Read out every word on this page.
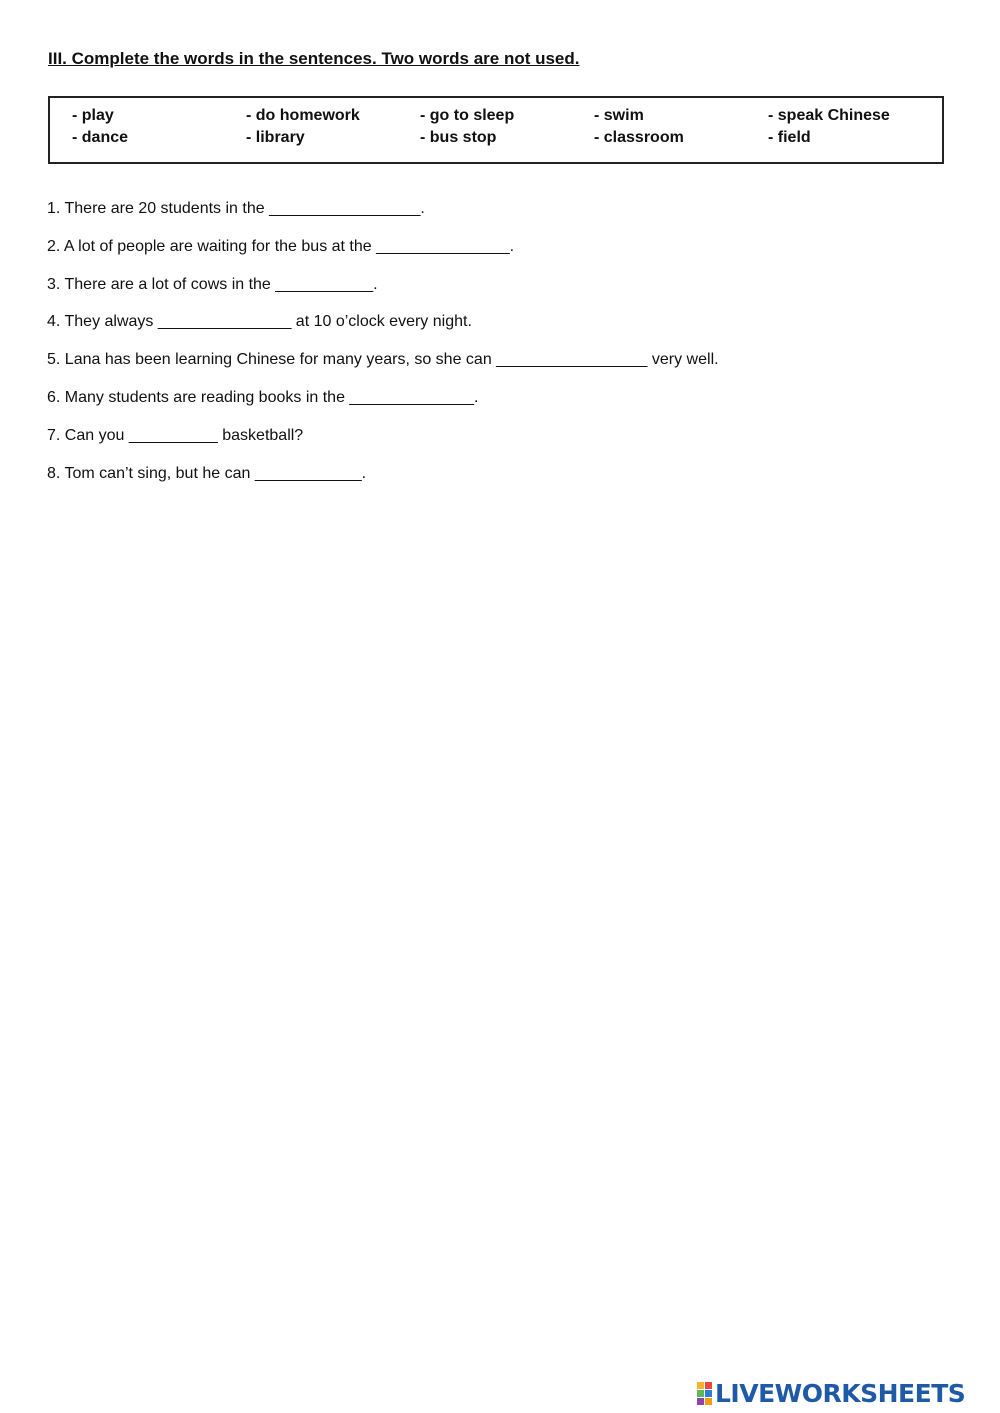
III. Complete the words in the sentences. Two words are not used.
- play	- do homework	- go to sleep	- swim	- speak Chinese
- dance	- library	- bus stop	- classroom	- field
1. There are 20 students in the _________________.
2. A lot of people are waiting for the bus at the _______________.
3. There are a lot of cows in the ___________.
4. They always _______________ at 10 o’clock every night.
5. Lana has been learning Chinese for many years, so she can _________________ very well.
6. Many students are reading books in the ______________.
7. Can you __________ basketball?
8. Tom can’t sing, but he can ____________.
LIVEWORKSHEETS
